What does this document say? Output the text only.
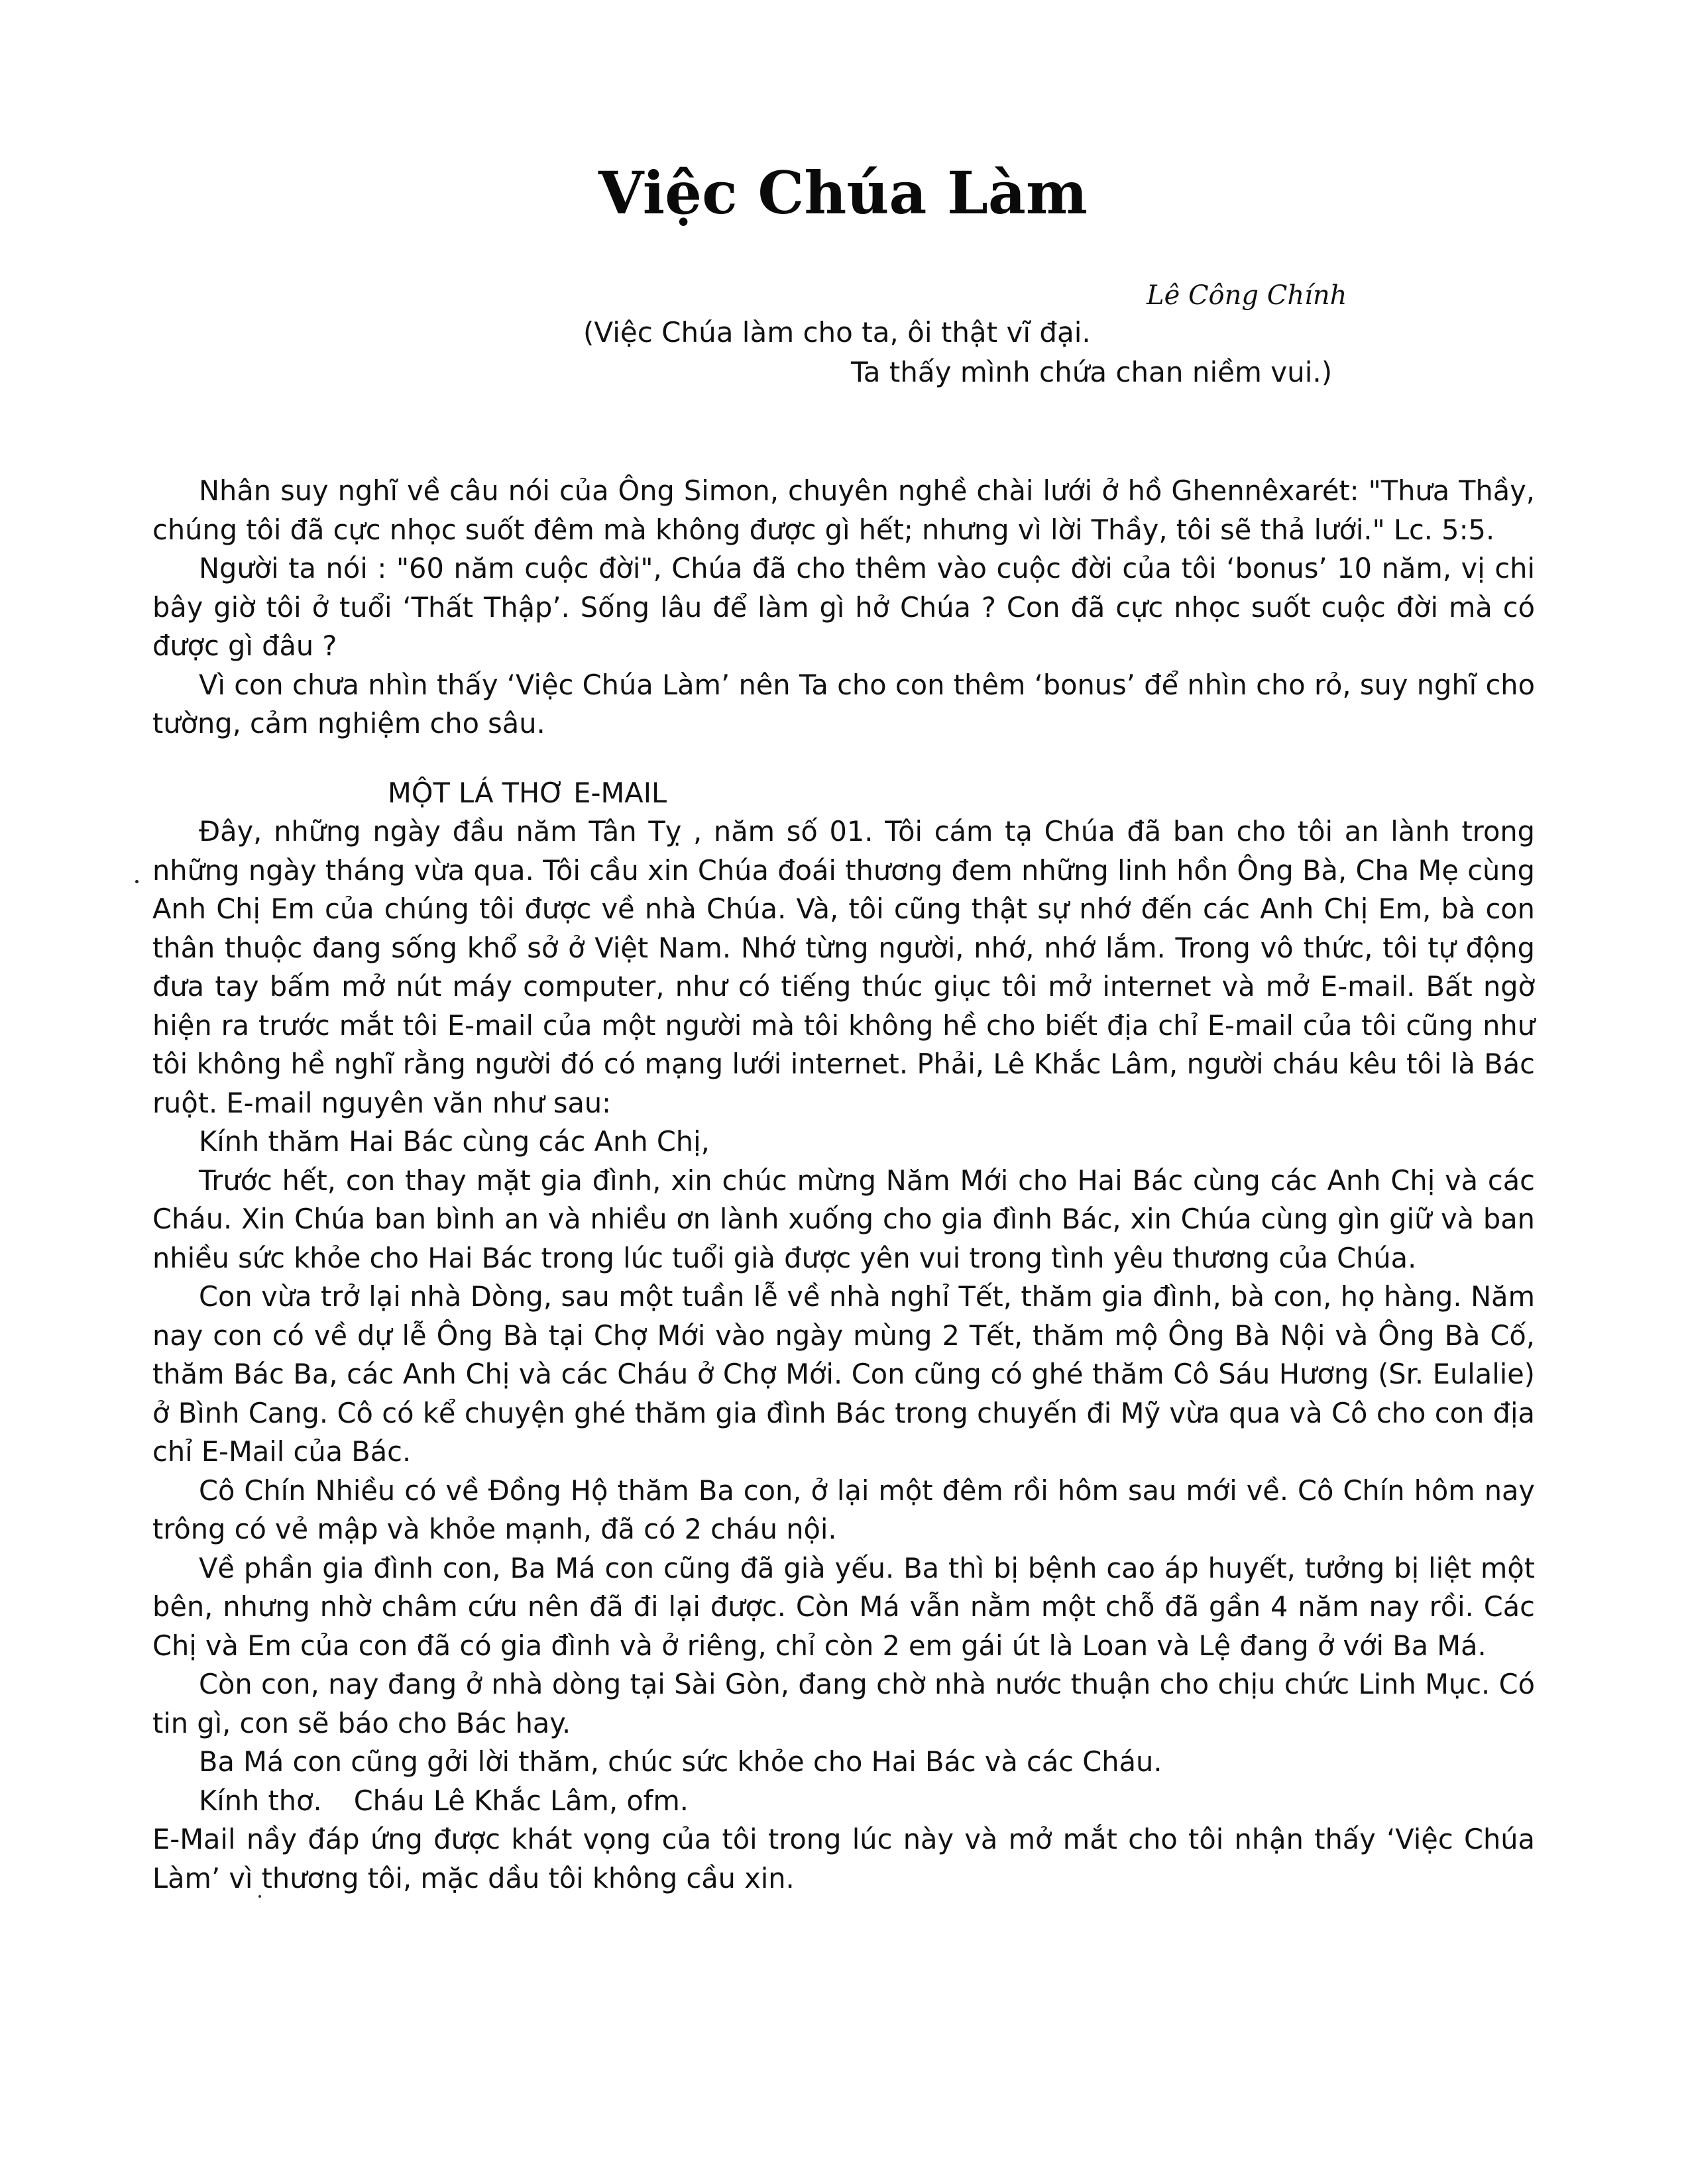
Việc Chúa Làm

Lê Công Chính

(Việc Chúa làm cho ta, ôi thật vĩ đại.
Ta thấy mình chứa chan niềm vui.)

Nhân suy nghĩ về câu nói của Ông Simon, chuyên nghề chài lưới ở hồ Ghennêxarét: "Thưa Thầy, chúng tôi đã cực nhọc suốt đêm mà không được gì hết; nhưng vì lời Thầy, tôi sẽ thả lưới." Lc. 5:5.

Người ta nói : "60 năm cuộc đời", Chúa đã cho thêm vào cuộc đời của tôi ‘bonus’ 10 năm, vị chi bây giờ tôi ở tuổi ‘Thất Thập’. Sống lâu để làm gì hở Chúa ? Con đã cực nhọc suốt cuộc đời mà có được gì đâu ?

Vì con chưa nhìn thấy ‘Việc Chúa Làm’ nên Ta cho con thêm ‘bonus’ để nhìn cho rỏ, suy nghĩ cho tường, cảm nghiệm cho sâu.

MỘT LÁ THƠ E-MAIL

Đây, những ngày đầu năm Tân Tỵ , năm số 01. Tôi cám tạ Chúa đã ban cho tôi an lành trong những ngày tháng vừa qua. Tôi cầu xin Chúa đoái thương đem những linh hồn Ông Bà, Cha Mẹ cùng Anh Chị Em của chúng tôi được về nhà Chúa. Và, tôi cũng thật sự nhớ đến các Anh Chị Em, bà con thân thuộc đang sống khổ sở ở Việt Nam. Nhớ từng người, nhớ, nhớ lắm. Trong vô thức, tôi tự động đưa tay bấm mở nút máy computer, như có tiếng thúc giục tôi mở internet và mở E-mail. Bất ngờ hiện ra trước mắt tôi E-mail của một người mà tôi không hề cho biết địa chỉ E-mail của tôi cũng như tôi không hề nghĩ rằng người đó có mạng lưới internet. Phải, Lê Khắc Lâm, người cháu kêu tôi là Bác ruột. E-mail nguyên văn như sau:

Kính thăm Hai Bác cùng các Anh Chị,

Trước hết, con thay mặt gia đình, xin chúc mừng Năm Mới cho Hai Bác cùng các Anh Chị và các Cháu. Xin Chúa ban bình an và nhiều ơn lành xuống cho gia đình Bác, xin Chúa cùng gìn giữ và ban nhiều sức khỏe cho Hai Bác trong lúc tuổi già được yên vui trong tình yêu thương của Chúa.

Con vừa trở lại nhà Dòng, sau một tuần lễ về nhà nghỉ Tết, thăm gia đình, bà con, họ hàng. Năm nay con có về dự lễ Ông Bà tại Chợ Mới vào ngày mùng 2 Tết, thăm mộ Ông Bà Nội và Ông Bà Cố, thăm Bác Ba, các Anh Chị và các Cháu ở Chợ Mới. Con cũng có ghé thăm Cô Sáu Hương (Sr. Eulalie) ở Bình Cang. Cô có kể chuyện ghé thăm gia đình Bác trong chuyến đi Mỹ vừa qua và Cô cho con địa chỉ E-Mail của Bác.

Cô Chín Nhiều có về Đồng Hộ thăm Ba con, ở lại một đêm rồi hôm sau mới về. Cô Chín hôm nay trông có vẻ mập và khỏe mạnh, đã có 2 cháu nội.

Về phần gia đình con, Ba Má con cũng đã già yếu. Ba thì bị bệnh cao áp huyết, tưởng bị liệt một bên, nhưng nhờ châm cứu nên đã đi lại được. Còn Má vẫn nằm một chỗ đã gần 4 năm nay rồi. Các Chị và Em của con đã có gia đình và ở riêng, chỉ còn 2 em gái út là Loan và Lệ đang ở với Ba Má.

Còn con, nay đang ở nhà dòng tại Sài Gòn, đang chờ nhà nước thuận cho chịu chức Linh Mục. Có tin gì, con sẽ báo cho Bác hay.

Ba Má con cũng gởi lời thăm, chúc sức khỏe cho Hai Bác và các Cháu.

Kính thơ. Cháu Lê Khắc Lâm, ofm.

E-Mail nầy đáp ứng được khát vọng của tôi trong lúc này và mở mắt cho tôi nhận thấy ‘Việc Chúa Làm’ vì thương tôi, mặc dầu tôi không cầu xin.
